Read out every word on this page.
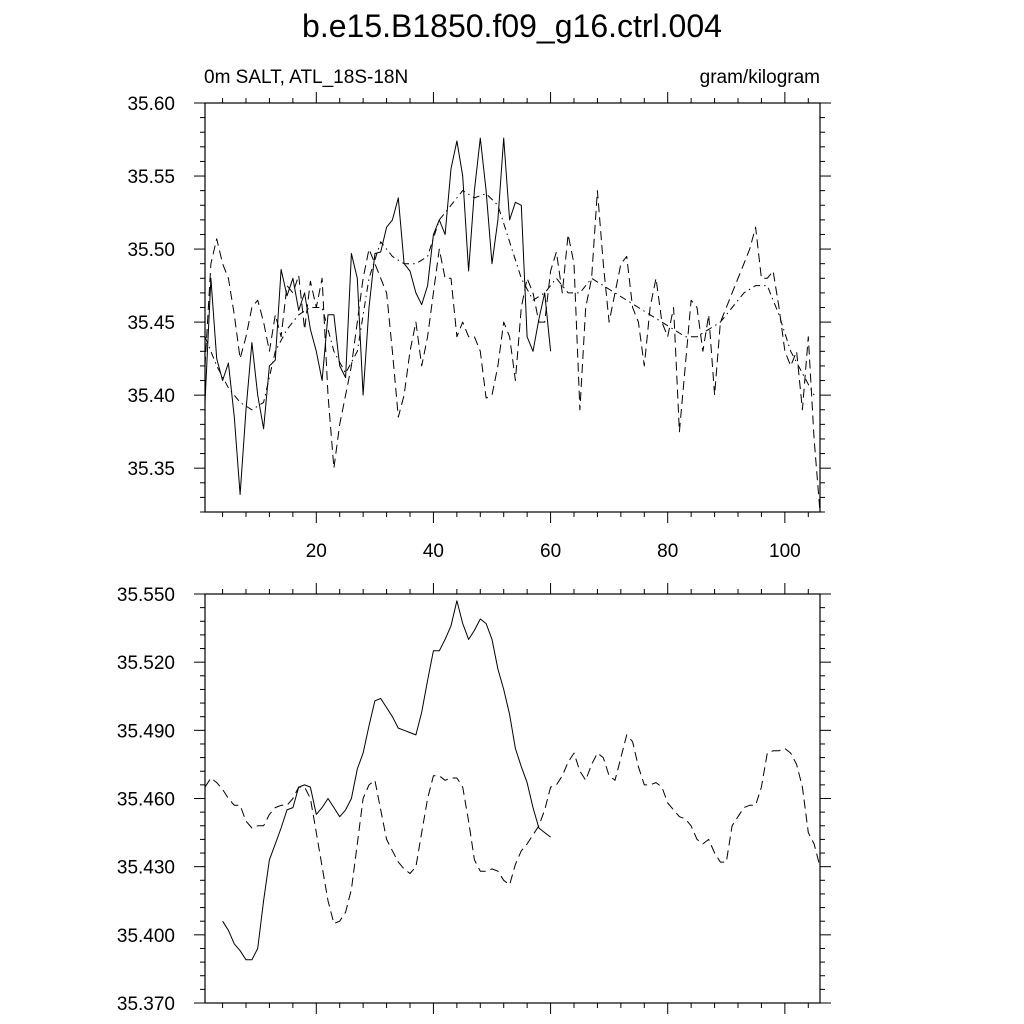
b.e15.B1850.f09_g16.ctrl.004
0m SALT, ATL_18S-18N	gram/kilogram
20	40	60	80	100
35.35
35.40
35.45
35.50
35.55
35.60
35.370
35.400
35.430
35.460
35.490
35.520
35.550
